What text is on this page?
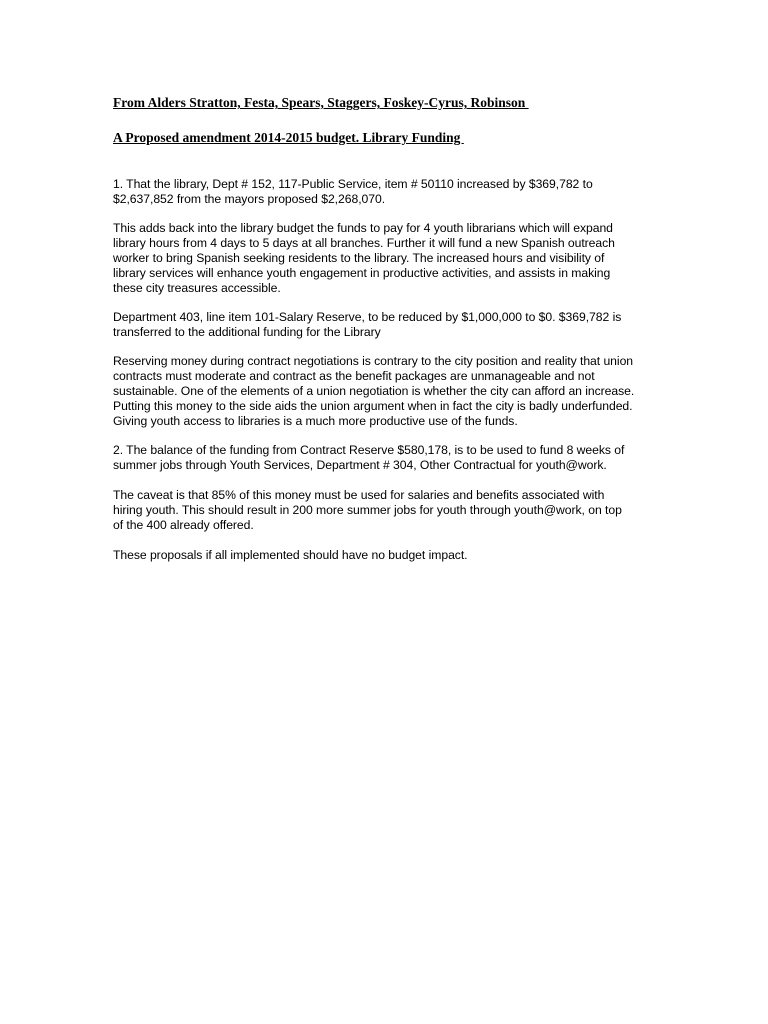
From Alders Stratton, Festa, Spears, Staggers, Foskey-Cyrus, Robinson

A Proposed amendment 2014-2015 budget. Library Funding

1. That the library, Dept # 152, 117-Public Service, item # 50110 increased by $369,782 to
$2,637,852 from the mayors proposed $2,268,070.

This adds back into the library budget the funds to pay for 4 youth librarians which will expand
library hours from 4 days to 5 days at all branches. Further it will fund a new Spanish outreach
worker to bring Spanish seeking residents to the library. The increased hours and visibility of
library services will enhance youth engagement in productive activities, and assists in making
these city treasures accessible.

Department 403, line item 101-Salary Reserve, to be reduced by $1,000,000 to $0. $369,782 is
transferred to the additional funding for the Library

Reserving money during contract negotiations is contrary to the city position and reality that union
contracts must moderate and contract as the benefit packages are unmanageable and not
sustainable. One of the elements of a union negotiation is whether the city can afford an increase.
Putting this money to the side aids the union argument when in fact the city is badly underfunded.
Giving youth access to libraries is a much more productive use of the funds.

2. The balance of the funding from Contract Reserve $580,178, is to be used to fund 8 weeks of
summer jobs through Youth Services, Department # 304, Other Contractual for youth@work.

The caveat is that 85% of this money must be used for salaries and benefits associated with
hiring youth. This should result in 200 more summer jobs for youth through youth@work, on top
of the 400 already offered.

These proposals if all implemented should have no budget impact.
